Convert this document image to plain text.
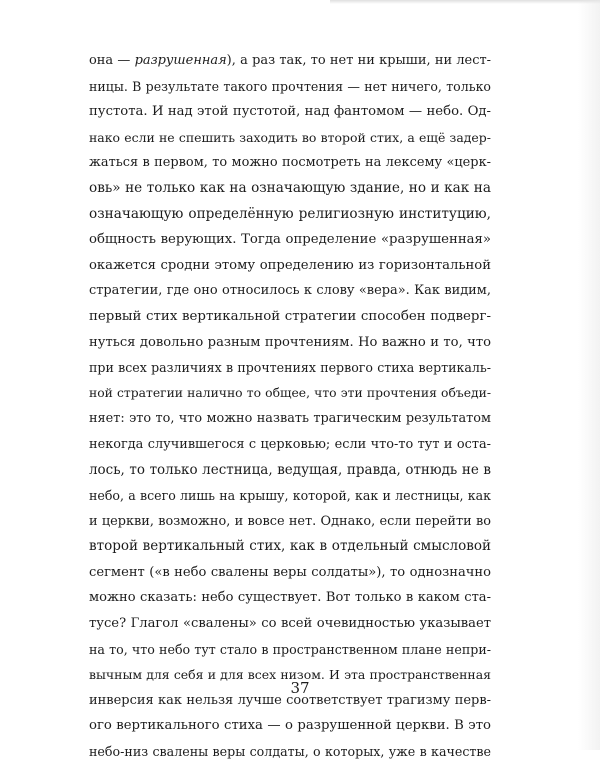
она — разрушенная), а раз так, то нет ни крыши, ни лест-
ницы. В результате такого прочтения — нет ничего, только
пустота. И над этой пустотой, над фантомом — небо. Од-
нако если не спешить заходить во второй стих, а ещё задер-
жаться в первом, то можно посмотреть на лексему «церк-
овь» не только как на означающую здание, но и как на
означающую определённую религиозную институцию,
общность верующих. Тогда определение «разрушенная»
окажется сродни этому определению из горизонтальной
стратегии, где оно относилось к слову «вера». Как видим,
первый стих вертикальной стратегии способен подверг-
нуться довольно разным прочтениям. Но важно и то, что
при всех различиях в прочтениях первого стиха вертикаль-
ной стратегии налично то общее, что эти прочтения объеди-
няет: это то, что можно назвать трагическим результатом
некогда случившегося с церковью; если что-то тут и оста-
лось, то только лестница, ведущая, правда, отнюдь не в
небо, а всего лишь на крышу, которой, как и лестницы, как
и церкви, возможно, и вовсе нет. Однако, если перейти во
второй вертикальный стих, как в отдельный смысловой
сегмент («в небо свалены веры солдаты»), то однозначно
можно сказать: небо существует. Вот только в каком ста-
тусе? Глагол «свалены» со всей очевидностью указывает
на то, что небо тут стало в пространственном плане непри-
вычным для себя и для всех низом. И эта пространственная
инверсия как нельзя лучше соответствует трагизму перв-
ого вертикального стиха — о разрушенной церкви. В это
небо-низ свалены веры солдаты, о которых, уже в качестве
37
